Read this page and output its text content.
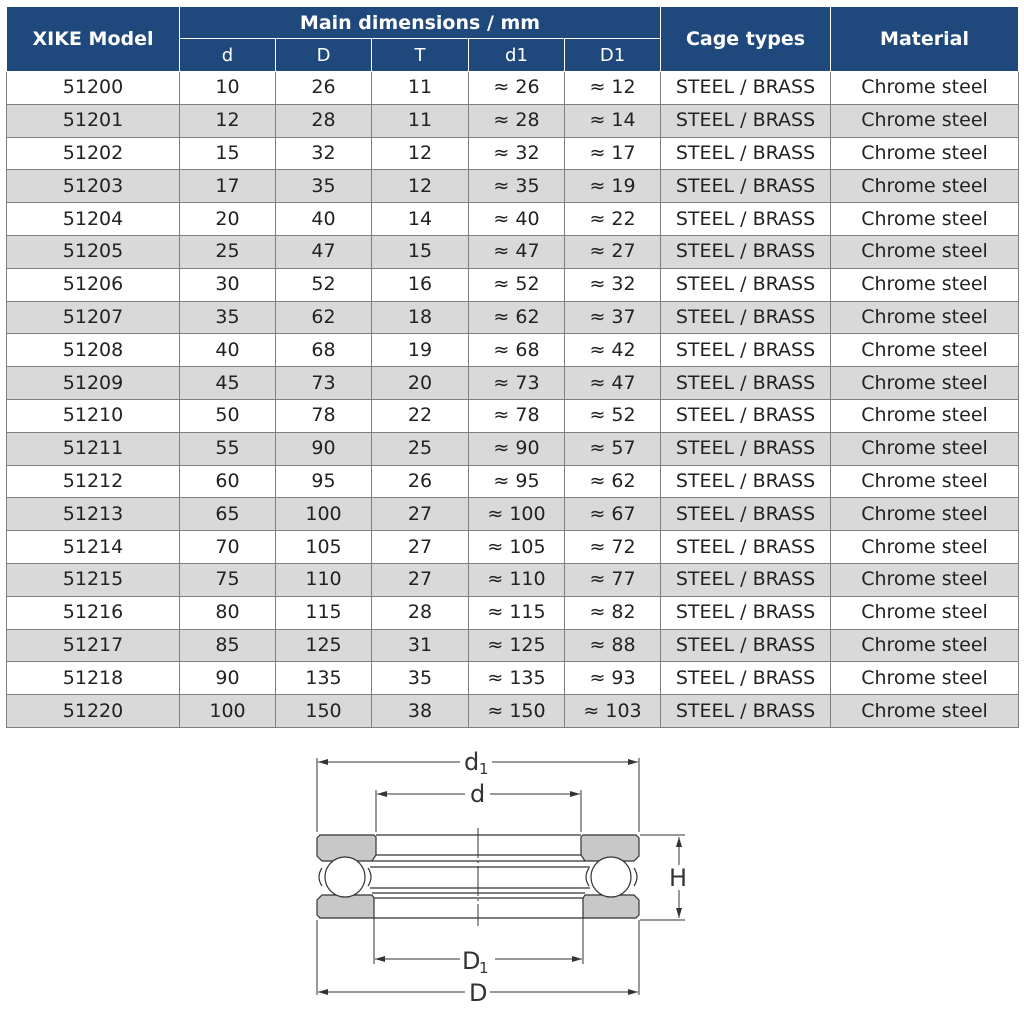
XIKE Model	Main dimensions / mm					Cage types	Material
	d	D	T	d1	D1		
51200	10	26	11	≈ 26	≈ 12	STEEL / BRASS	Chrome steel
51201	12	28	11	≈ 28	≈ 14	STEEL / BRASS	Chrome steel
51202	15	32	12	≈ 32	≈ 17	STEEL / BRASS	Chrome steel
51203	17	35	12	≈ 35	≈ 19	STEEL / BRASS	Chrome steel
51204	20	40	14	≈ 40	≈ 22	STEEL / BRASS	Chrome steel
51205	25	47	15	≈ 47	≈ 27	STEEL / BRASS	Chrome steel
51206	30	52	16	≈ 52	≈ 32	STEEL / BRASS	Chrome steel
51207	35	62	18	≈ 62	≈ 37	STEEL / BRASS	Chrome steel
51208	40	68	19	≈ 68	≈ 42	STEEL / BRASS	Chrome steel
51209	45	73	20	≈ 73	≈ 47	STEEL / BRASS	Chrome steel
51210	50	78	22	≈ 78	≈ 52	STEEL / BRASS	Chrome steel
51211	55	90	25	≈ 90	≈ 57	STEEL / BRASS	Chrome steel
51212	60	95	26	≈ 95	≈ 62	STEEL / BRASS	Chrome steel
51213	65	100	27	≈ 100	≈ 67	STEEL / BRASS	Chrome steel
51214	70	105	27	≈ 105	≈ 72	STEEL / BRASS	Chrome steel
51215	75	110	27	≈ 110	≈ 77	STEEL / BRASS	Chrome steel
51216	80	115	28	≈ 115	≈ 82	STEEL / BRASS	Chrome steel
51217	85	125	31	≈ 125	≈ 88	STEEL / BRASS	Chrome steel
51218	90	135	35	≈ 135	≈ 93	STEEL / BRASS	Chrome steel
51220	100	150	38	≈ 150	≈ 103	STEEL / BRASS	Chrome steel
d 1
d
D
1
D
H
